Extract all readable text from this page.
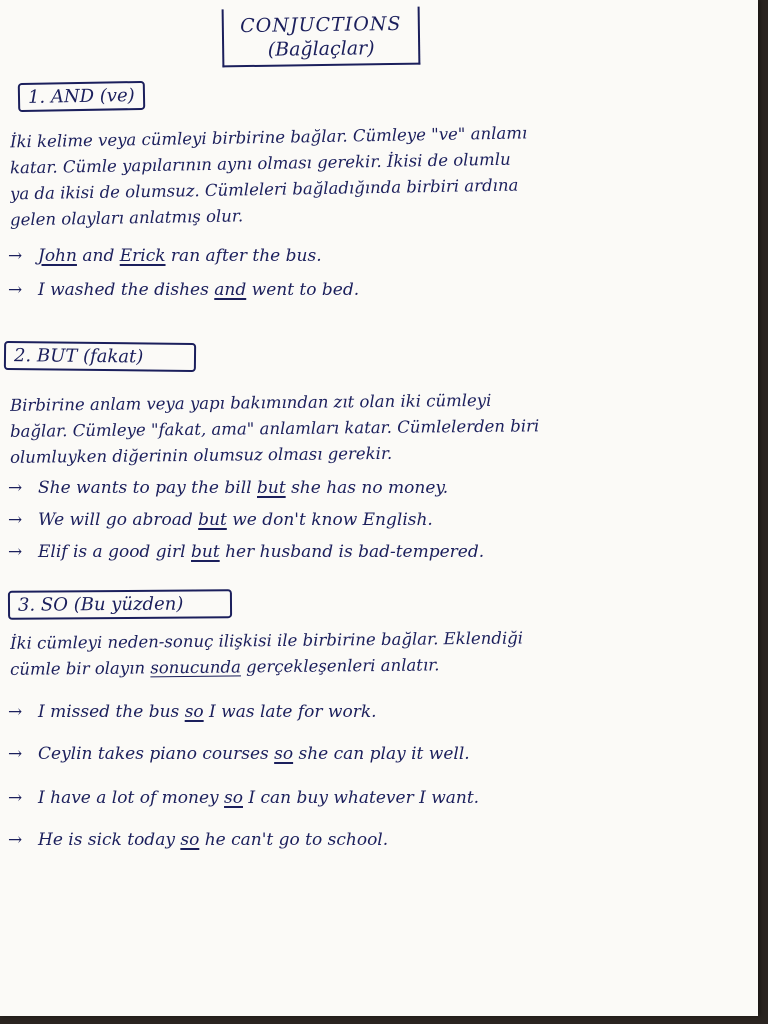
CONJUCTIONS
(Bağlaçlar)
1. AND (ve)
İki kelime veya cümleyi birbirine bağlar. Cümleye "ve" anlamı
katar. Cümle yapılarının aynı olması gerekir. İkisi de olumlu
ya da ikisi de olumsuz. Cümleleri bağladığında birbiri ardına
gelen olayları anlatmış olur.
→ John and Erick ran after the bus.
→ I washed the dishes and went to bed.
2. BUT (fakat)
Birbirine anlam veya yapı bakımından zıt olan iki cümleyi
bağlar. Cümleye "fakat, ama" anlamları katar. Cümlelerden biri
olumluyken diğerinin olumsuz olması gerekir.
→ She wants to pay the bill but she has no money.
→ We will go abroad but we don't know English.
→ Elif is a good girl but her husband is bad-tempered.
3. SO (Bu yüzden)
İki cümleyi neden-sonuç ilişkisi ile birbirine bağlar. Eklendiği
cümle bir olayın sonucunda gerçekleşenleri anlatır.
→ I missed the bus so I was late for work.
→ Ceylin takes piano courses so she can play it well.
→ I have a lot of money so I can buy whatever I want.
→ He is sick today so he can't go to school.
